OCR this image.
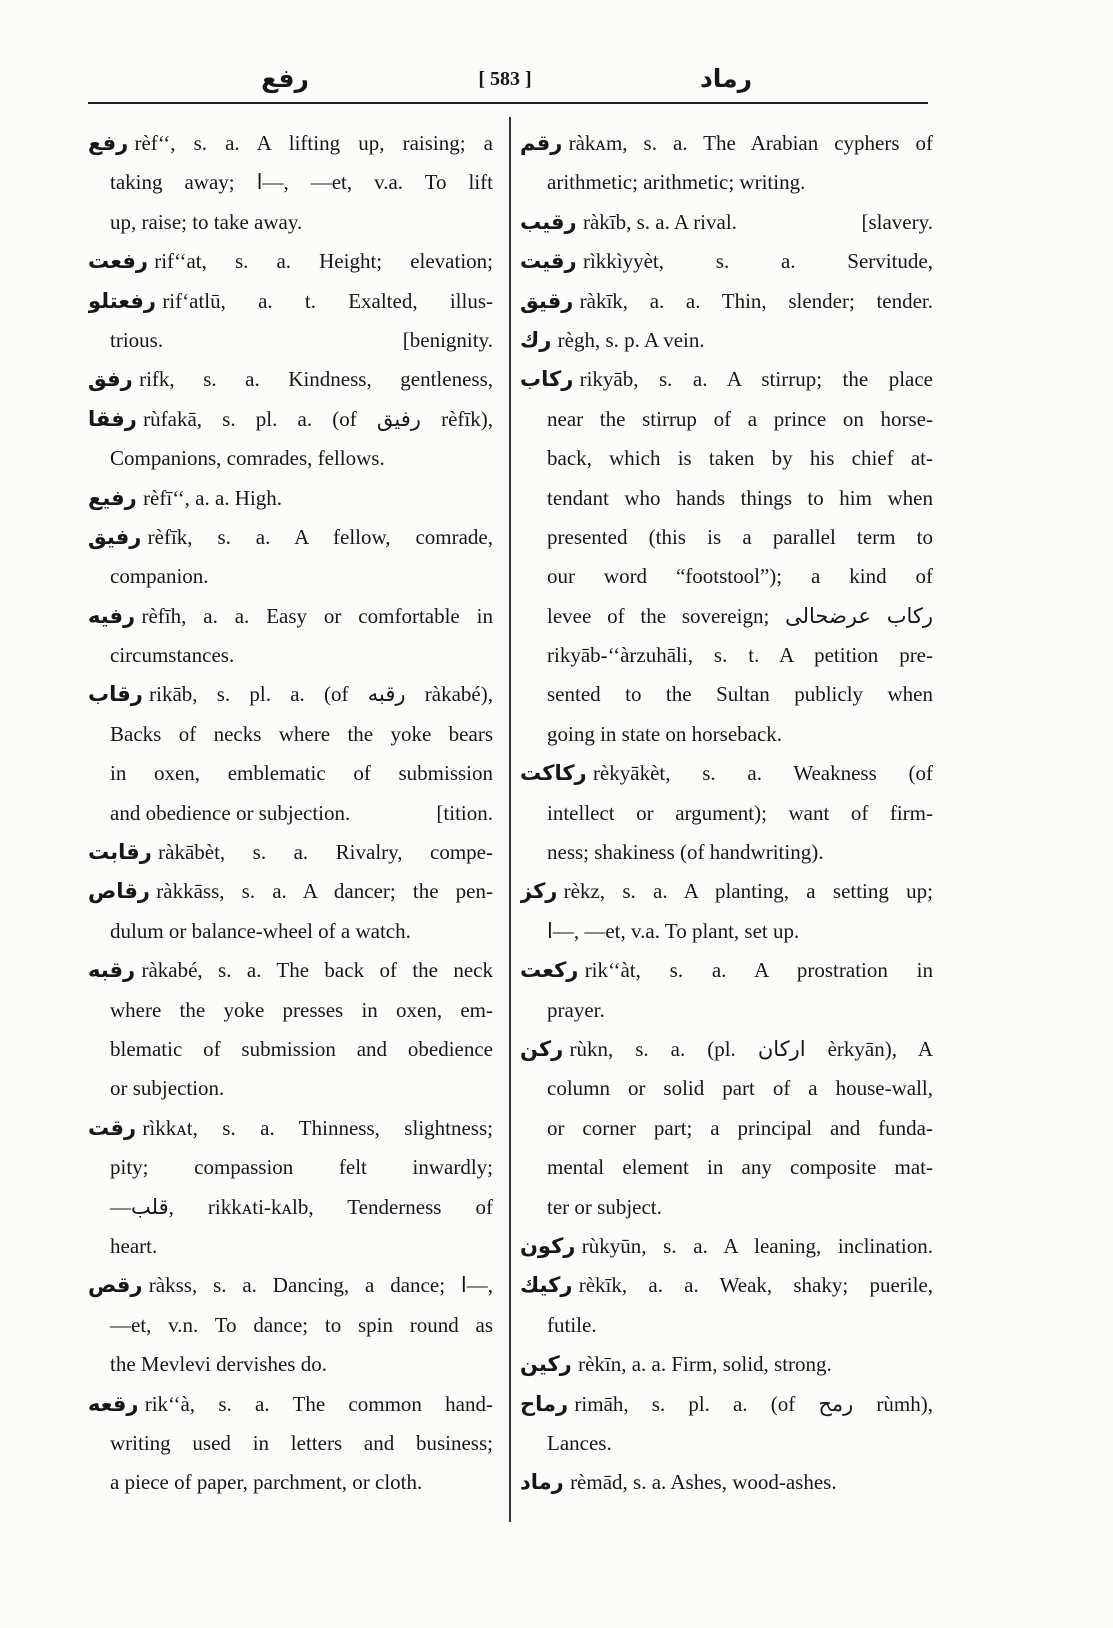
رفع	[ 583 ]	رماد
رفع rèf‘‘, s. a. A lifting up, raising; a
taking away; ا—, —et, v.a. To lift
up, raise; to take away.
رفعت rif‘‘at, s. a. Height; elevation;
رفعتلو rif‘atlū, a. t. Exalted, illus-
[benignity.
trious.
رفق rifk, s. a. Kindness, gentleness,
رفقا rùfakā, s. pl. a. (of رفيق rèfīk),
Companions, comrades, fellows.
رفيع rèfī‘‘, a. a. High.
رفيق rèfīk, s. a. A fellow, comrade,
companion.
رفيه rèfīh, a. a. Easy or comfortable in
circumstances.
رقاب rikāb, s. pl. a. (of رقبه ràkabé),
Backs of necks where the yoke bears
in oxen, emblematic of submission
[tition.
and obedience or subjection.
رقابت ràkābèt, s. a. Rivalry, compe-
رقاص ràkkāss, s. a. A dancer; the pen-
dulum or balance-wheel of a watch.
رقبه ràkabé, s. a. The back of the neck
where the yoke presses in oxen, em-
blematic of submission and obedience
or subjection.
رقت rìkkᴀt, s. a. Thinness, slightness;
pity; compassion felt inwardly;
—قلب, rikkᴀti-kᴀlb, Tenderness of
heart.
رقص ràkss, s. a. Dancing, a dance; ا—,
—et, v.n. To dance; to spin round as
the Mevlevi dervishes do.
رقعه rik‘‘à, s. a. The common hand-
writing used in letters and business;
a piece of paper, parchment, or cloth.
رقم ràkᴀm, s. a. The Arabian cyphers of
arithmetic; arithmetic; writing.
[slavery.
رقيب ràkīb, s. a. A rival.
رقيت rìkkìyyèt, s. a. Servitude,
رقيق ràkīk, a. a. Thin, slender; tender.
رك règh, s. p. A vein.
ركاب rikyāb, s. a. A stirrup; the place
near the stirrup of a prince on horse-
back, which is taken by his chief at-
tendant who hands things to him when
presented (this is a parallel term to
our word “footstool”); a kind of
levee of the sovereign; ركاب عرضحالى
rikyāb-‘‘àrzuhāli, s. t. A petition pre-
sented to the Sultan publicly when
going in state on horseback.
ركاكت rèkyākèt, s. a. Weakness (of
intellect or argument); want of firm-
ness; shakiness (of handwriting).
ركز rèkz, s. a. A planting, a setting up;
ا—, —et, v.a. To plant, set up.
ركعت rik‘‘àt, s. a. A prostration in
prayer.
ركن rùkn, s. a. (pl. اركان èrkyān), A
column or solid part of a house-wall,
or corner part; a principal and funda-
mental element in any composite mat-
ter or subject.
ركون rùkyūn, s. a. A leaning, inclination.
ركيك rèkīk, a. a. Weak, shaky; puerile,
futile.
ركين rèkīn, a. a. Firm, solid, strong.
رماح rimāh, s. pl. a. (of رمح rùmh),
Lances.
رماد rèmād, s. a. Ashes, wood-ashes.
